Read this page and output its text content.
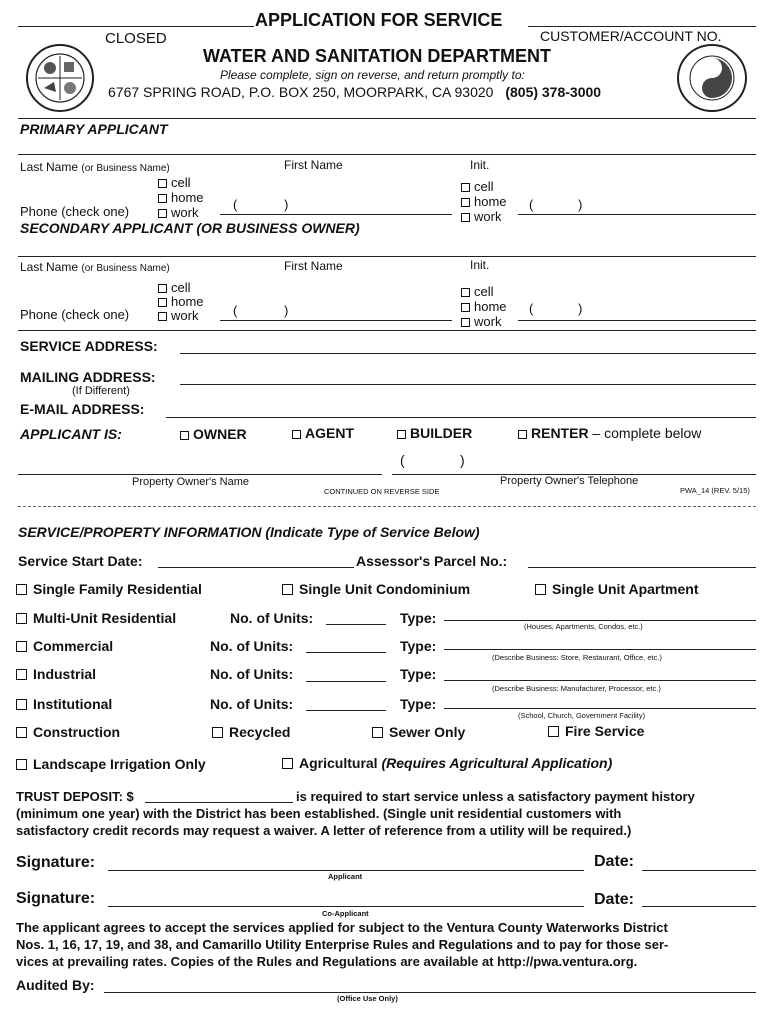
APPLICATION FOR SERVICE
CLOSED	CUSTOMER/ACCOUNT NO.
WATER AND SANITATION DEPARTMENT
Please complete, sign on reverse, and return promptly to:
6767 SPRING ROAD, P.O. BOX 250, MOORPARK, CA 93020 (805) 378-3000
PRIMARY APPLICANT
Last Name (or Business Name)	First Name	Init.
cell
home
work
Phone (check one)	(	)
cell
home
work
(	)
SECONDARY APPLICANT (OR BUSINESS OWNER)
Last Name (or Business Name)	First Name	Init.
cell
home
work
Phone (check one)	(	)
cell
home
work
(	)
SERVICE ADDRESS:
MAILING ADDRESS:
(If Different)
E-MAIL ADDRESS:
APPLICANT IS:	OWNER	AGENT	BUILDER	RENTER – complete below
(	)
Property Owner's Name	Property Owner's Telephone
CONTINUED ON REVERSE SIDE	PWA_14 (REV. 5/15)
SERVICE/PROPERTY INFORMATION (Indicate Type of Service Below)
Service Start Date:	Assessor's Parcel No.:
Single Family Residential	Single Unit Condominium	Single Unit Apartment
Multi-Unit Residential	No. of Units:	Type:
(Houses, Apartments, Condos, etc.)
Commercial	No. of Units:	Type:
(Describe Business: Store, Restaurant, Office, etc.)
Industrial	No. of Units:	Type:
(Describe Business: Manufacturer, Processor, etc.)
Institutional	No. of Units:	Type:
(School, Church, Government Facility)
Construction	Recycled	Sewer Only	Fire Service
Landscape Irrigation Only	Agricultural (Requires Agricultural Application)
TRUST DEPOSIT: $	is required to start service unless a satisfactory payment history
(minimum one year) with the District has been established. (Single unit residential customers with
satisfactory credit records may request a waiver. A letter of reference from a utility will be required.)
Signature:	Date:
Applicant
Signature:	Date:
Co-Applicant
The applicant agrees to accept the services applied for subject to the Ventura County Waterworks District
Nos. 1, 16, 17, 19, and 38, and Camarillo Utility Enterprise Rules and Regulations and to pay for those ser-
vices at prevailing rates. Copies of the Rules and Regulations are available at http://pwa.ventura.org.
Audited By:
(Office Use Only)
